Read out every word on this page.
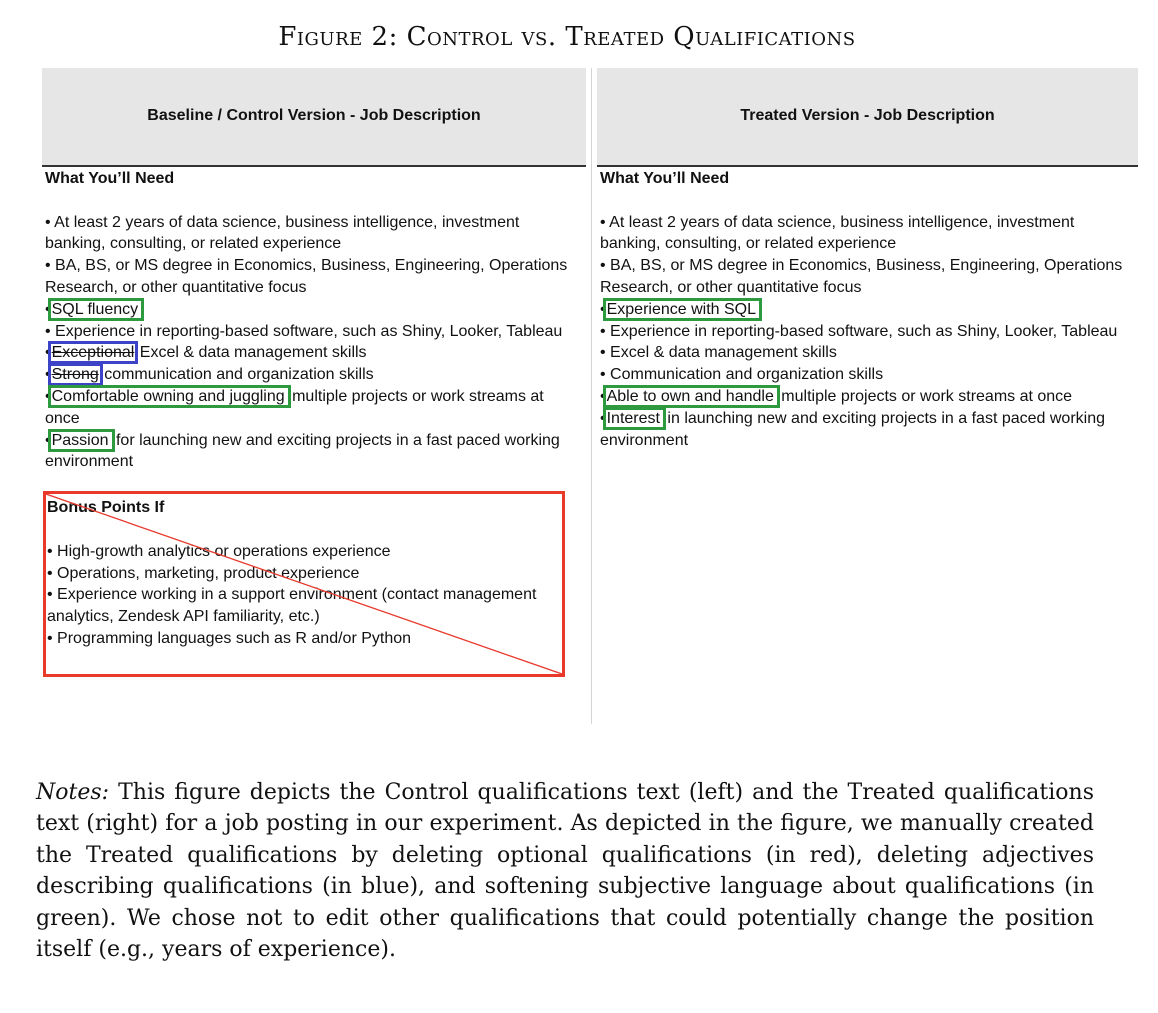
Figure 2: Control vs. Treated Qualifications
Baseline / Control Version - Job Description
What You’ll Need
• At least 2 years of data science, business intelligence, investment banking, consulting, or related experience
• BA, BS, or MS degree in Economics, Business, Engineering, Operations Research, or other quantitative focus
•SQL fluency
• Experience in reporting-based software, such as Shiny, Looker, Tableau
•Exceptional Excel & data management skills
•Strong communication and organization skills
•Comfortable owning and juggling multiple projects or work streams at once
•Passion for launching new and exciting projects in a fast paced working environment
Bonus Points If
• High-growth analytics or operations experience
• Operations, marketing, product experience
• Experience working in a support environment (contact management analytics, Zendesk API familiarity, etc.)
• Programming languages such as R and/or Python
Treated Version - Job Description
What You’ll Need
• At least 2 years of data science, business intelligence, investment banking, consulting, or related experience
• BA, BS, or MS degree in Economics, Business, Engineering, Operations Research, or other quantitative focus
•Experience with SQL
• Experience in reporting-based software, such as Shiny, Looker, Tableau
• Excel & data management skills
• Communication and organization skills
•Able to own and handle multiple projects or work streams at once
•Interest in launching new and exciting projects in a fast paced working environment
Notes: This figure depicts the Control qualifications text (left) and the Treated qualifications text (right) for a job posting in our experiment. As depicted in the figure, we manually created the Treated qualifications by deleting optional qualifications (in red), deleting adjectives describing qualifications (in blue), and softening subjective language about qualifications (in green). We chose not to edit other qualifications that could potentially change the position itself (e.g., years of experience).
